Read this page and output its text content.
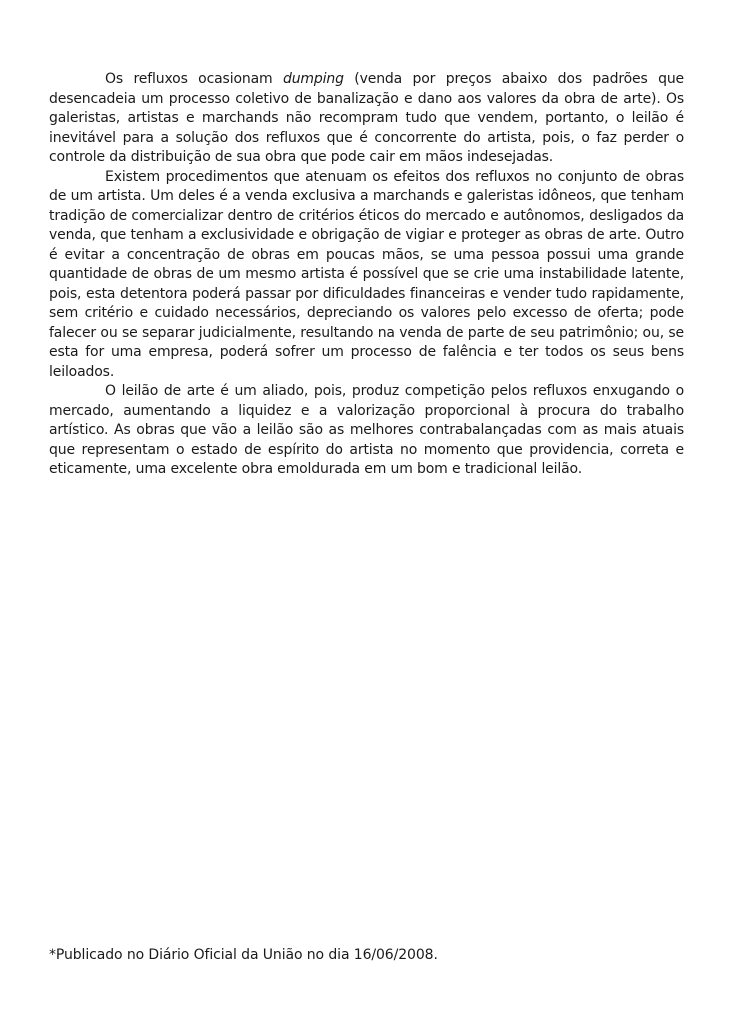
Os refluxos ocasionam dumping (venda por preços abaixo dos padrões que desencadeia um processo coletivo de banalização e dano aos valores da obra de arte). Os galeristas, artistas e marchands não recompram tudo que vendem, portanto, o leilão é inevitável para a solução dos refluxos que é concorrente do artista, pois, o faz perder o controle da distribuição de sua obra que pode cair em mãos indesejadas.

Existem procedimentos que atenuam os efeitos dos refluxos no conjunto de obras de um artista. Um deles é a venda exclusiva a marchands e galeristas idôneos, que tenham tradição de comercializar dentro de critérios éticos do mercado e autônomos, desligados da venda, que tenham a exclusividade e obrigação de vigiar e proteger as obras de arte. Outro é evitar a concentração de obras em poucas mãos, se uma pessoa possui uma grande quantidade de obras de um mesmo artista é possível que se crie uma instabilidade latente, pois, esta detentora poderá passar por dificuldades financeiras e vender tudo rapidamente, sem critério e cuidado necessários, depreciando os valores pelo excesso de oferta; pode falecer ou se separar judicialmente, resultando na venda de parte de seu patrimônio; ou, se esta for uma empresa, poderá sofrer um processo de falência e ter todos os seus bens leiloados.

O leilão de arte é um aliado, pois, produz competição pelos refluxos enxugando o mercado, aumentando a liquidez e a valorização proporcional à procura do trabalho artístico. As obras que vão a leilão são as melhores contrabalançadas com as mais atuais que representam o estado de espírito do artista no momento que providencia, correta e eticamente, uma excelente obra emoldurada em um bom e tradicional leilão.

*Publicado no Diário Oficial da União no dia 16/06/2008.
